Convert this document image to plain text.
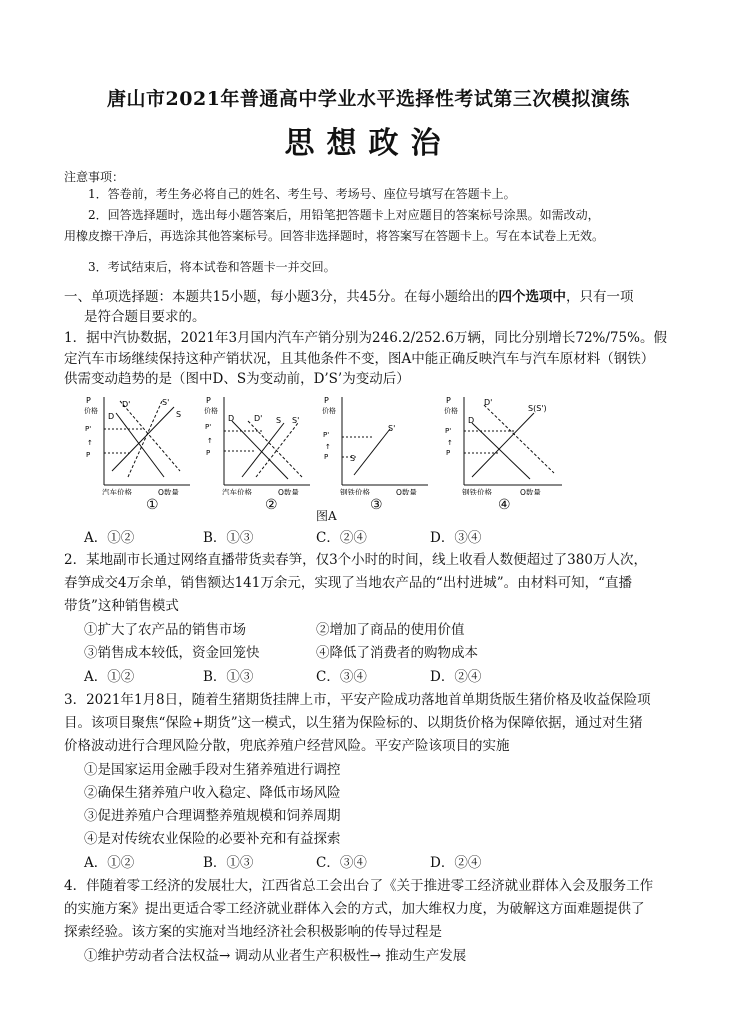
唐山市2021年普通高中学业水平选择性考试第三次模拟演练
思想政治
注意事项：
1．答卷前，考生务必将自己的姓名、考生号、考场号、座位号填写在答题卡上。
2．回答选择题时，选出每小题答案后，用铅笔把答题卡上对应题目的答案标号涂黑。如需改动，
用橡皮擦干净后，再选涂其他答案标号。回答非选择题时，将答案写在答题卡上。写在本试卷上无效。
3．考试结束后，将本试卷和答题卡一并交回。
一、单项选择题：本题共15小题，每小题3分，共45分。在每小题给出的四个选项中，只有一项
是符合题目要求的。
1．据中汽协数据，2021年3月国内汽车产销分别为246.2/252.6万辆，同比分别增长72%/75%。假
定汽车市场继续保持这种产销状况，且其他条件不变，图A中能正确反映汽车与汽车原材料（钢铁）
供需变动趋势的是（图中D、S为变动前，D’S’为变动后）
P
价格
P'
↑
P
D'	S'
S
D
汽车价格	Q数量
①
P
价格
P'
↑
P
D D' S S'
汽车价格	Q数量
②
P
价格
P'
↑
P
S'
S
钢铁价格	Q数量
③
P
价格
P'
↑
P
D'
S(S')
D
钢铁价格	Q数量
④
图A
A．①②	B．①③	C．②④	D．③④
2．某地副市长通过网络直播带货卖春笋，仅3个小时的时间，线上收看人数便超过了380万人次，
春笋成交4万余单，销售额达141万余元，实现了当地农产品的“出村进城”。由材料可知，“直播
带货”这种销售模式
①扩大了农产品的销售市场	②增加了商品的使用价值
③销售成本较低，资金回笼快	④降低了消费者的购物成本
A．①②	B．①③	C．③④	D．②④
3．2021年1月8日，随着生猪期货挂牌上市，平安产险成功落地首单期货版生猪价格及收益保险项
目。该项目聚焦“保险+期货”这一模式，以生猪为保险标的、以期货价格为保障依据，通过对生猪
价格波动进行合理风险分散，兜底养殖户经营风险。平安产险该项目的实施
①是国家运用金融手段对生猪养殖进行调控
②确保生猪养殖户收入稳定、降低市场风险
③促进养殖户合理调整养殖规模和饲养周期
④是对传统农业保险的必要补充和有益探索
A．①②	B．①③	C．③④	D．②④
4．伴随着零工经济的发展壮大，江西省总工会出台了《关于推进零工经济就业群体入会及服务工作
的实施方案》提出更适合零工经济就业群体入会的方式，加大维权力度，为破解这方面难题提供了
探索经验。该方案的实施对当地经济社会积极影响的传导过程是
①维护劳动者合法权益→ 调动从业者生产积极性→ 推动生产发展
